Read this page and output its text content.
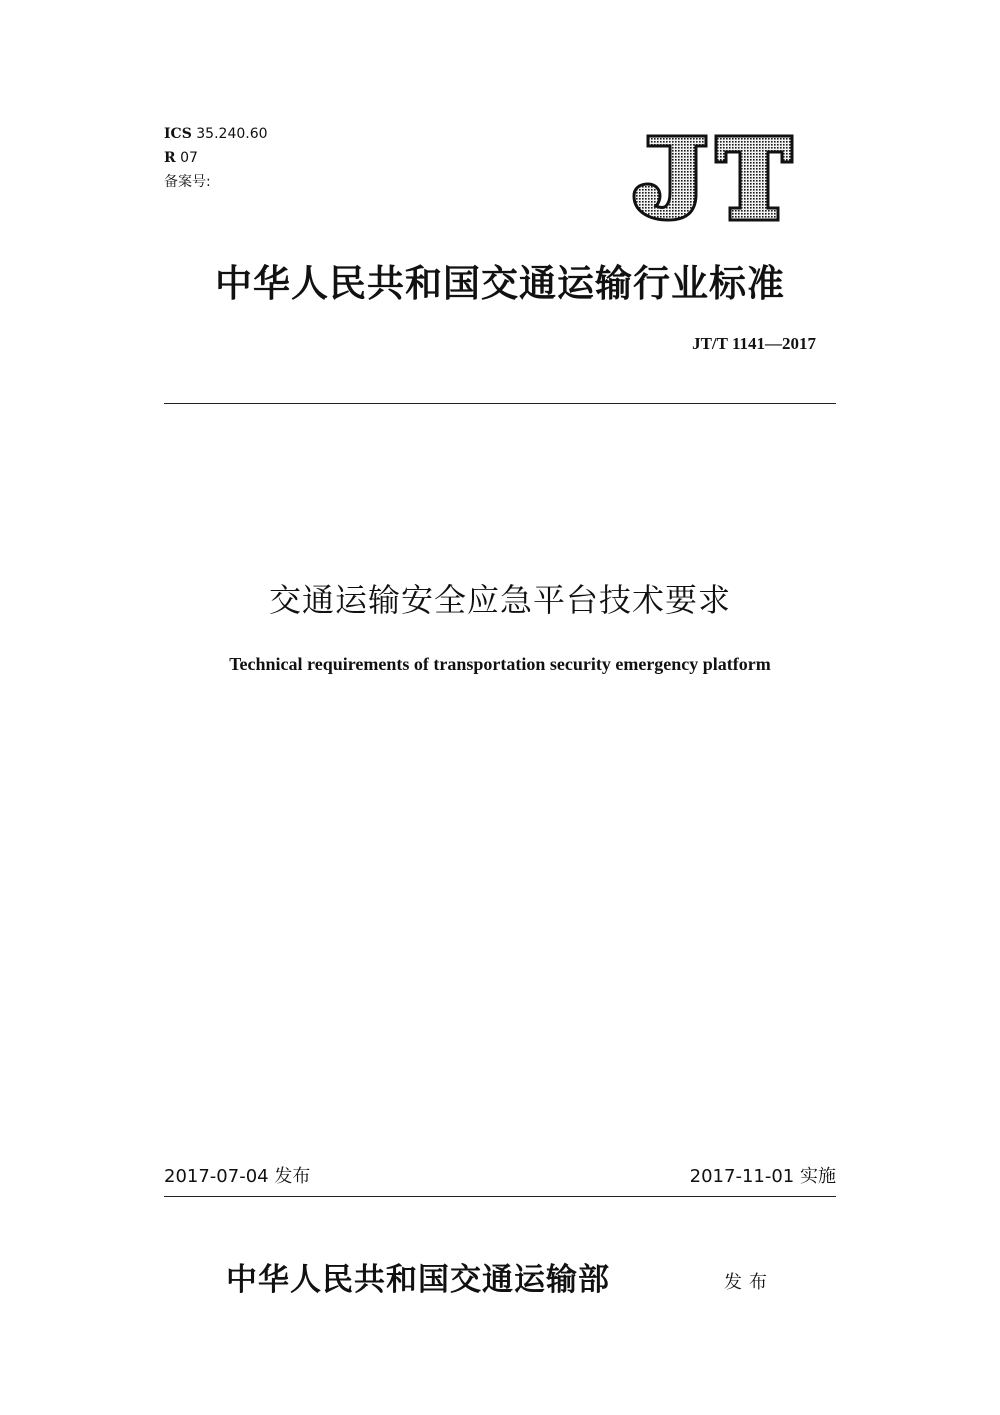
ICS 35.240.60
R 07
备案号:
中华人民共和国交通运输行业标准
JT/T 1141—2017
交通运输安全应急平台技术要求
Technical requirements of transportation security emergency platform
2017-07-04 发布	2017-11-01 实施
中华人民共和国交通运输部	发布
